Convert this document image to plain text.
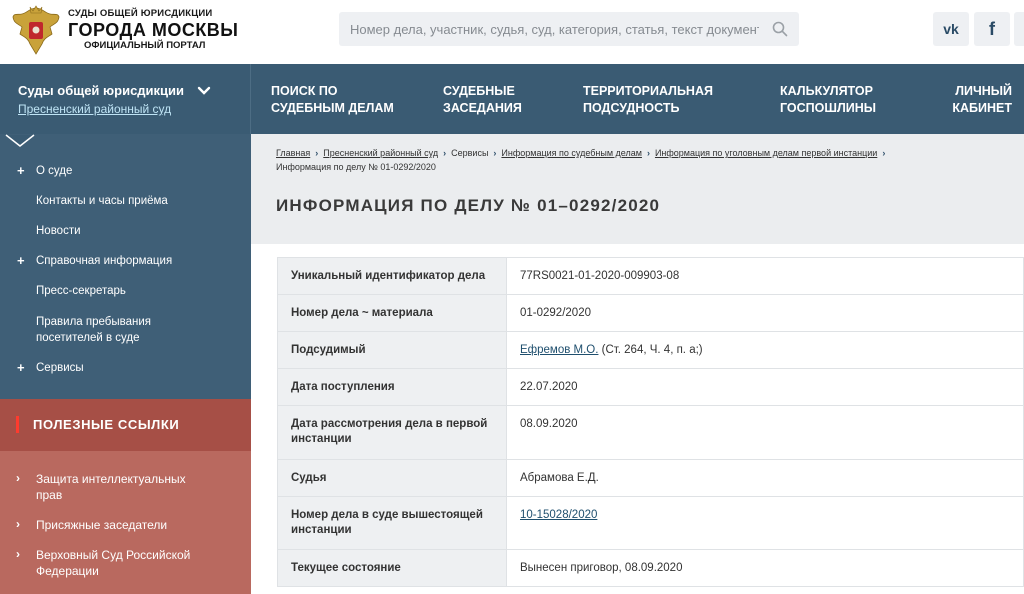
СУДЫ ОБЩЕЙ ЮРИСДИКЦИИ
ГОРОДА МОСКВЫ
ОФИЦИАЛЬНЫЙ ПОРТАЛ
Номер дела, участник, судья, суд, категория, статья, текст документа...
vk	f
Суды общей юрисдикции
Пресненский районный суд
ПОИСК ПО
СУДЕБНЫМ ДЕЛАМ
СУДЕБНЫЕ
ЗАСЕДАНИЯ
ТЕРРИТОРИАЛЬНАЯ
ПОДСУДНОСТЬ
КАЛЬКУЛЯТОР
ГОСПОШЛИНЫ
ЛИЧНЫЙ
КАБИНЕТ
+ О суде
Контакты и часы приёма
Новости
+ Справочная информация
Пресс-секретарь
Правила пребывания посетителей в суде
+ Сервисы
ПОЛЕЗНЫЕ ССЫЛКИ
› Защита интеллектуальных прав
› Присяжные заседатели
› Верховный Суд Российской Федерации
Главная › Пресненский районный суд › Сервисы › Информация по судебным делам › Информация по уголовным делам первой инстанции ›
Информация по делу № 01-0292/2020
ИНФОРМАЦИЯ ПО ДЕЛУ № 01–0292/2020
Уникальный идентификатор дела	77RS0021-01-2020-009903-08
Номер дела ~ материала	01-0292/2020
Подсудимый	Ефремов М.О. (Ст. 264, Ч. 4, п. а;)
Дата поступления	22.07.2020
Дата рассмотрения дела в первой инстанции	08.09.2020
Судья	Абрамова Е.Д.
Номер дела в суде вышестоящей инстанции	10-15028/2020
Текущее состояние	Вынесен приговор, 08.09.2020
